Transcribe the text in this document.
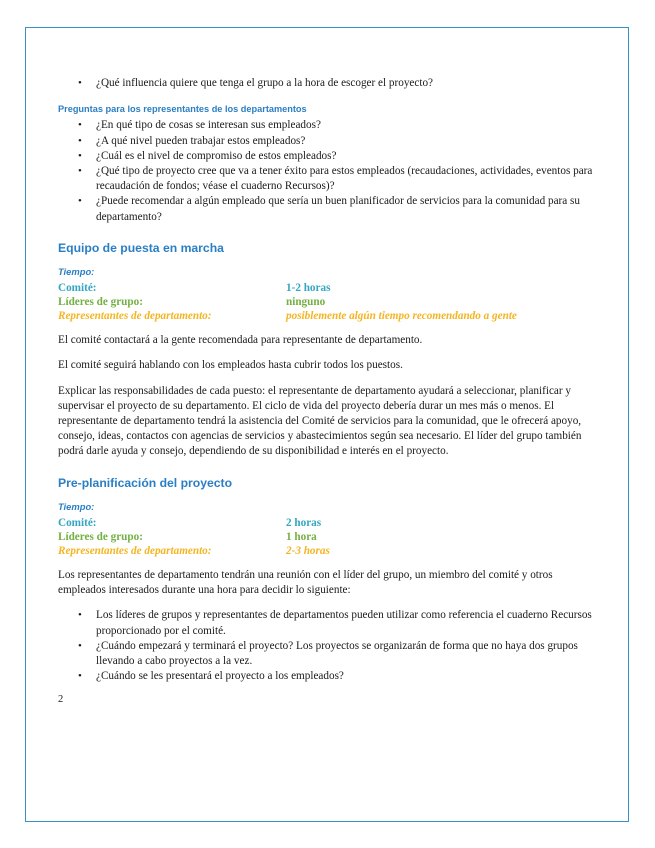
• ¿Qué influencia quiere que tenga el grupo a la hora de escoger el proyecto?
Preguntas para los representantes de los departamentos
• ¿En qué tipo de cosas se interesan sus empleados?
• ¿A qué nivel pueden trabajar estos empleados?
• ¿Cuál es el nivel de compromiso de estos empleados?
• ¿Qué tipo de proyecto cree que va a tener éxito para estos empleados (recaudaciones, actividades, eventos para recaudación de fondos; véase el cuaderno Recursos)?
• ¿Puede recomendar a algún empleado que sería un buen planificador de servicios para la comunidad para su departamento?
Equipo de puesta en marcha
Tiempo:
Comité:	1-2 horas
Líderes de grupo:	ninguno
Representantes de departamento:	posiblemente algún tiempo recomendando a gente

El comité contactará a la gente recomendada para representante de departamento.

El comité seguirá hablando con los empleados hasta cubrir todos los puestos.

Explicar las responsabilidades de cada puesto: el representante de departamento ayudará a seleccionar, planificar y supervisar el proyecto de su departamento. El ciclo de vida del proyecto debería durar un mes más o menos. El representante de departamento tendrá la asistencia del Comité de servicios para la comunidad, que le ofrecerá apoyo, consejo, ideas, contactos con agencias de servicios y abastecimientos según sea necesario. El líder del grupo también podrá darle ayuda y consejo, dependiendo de su disponibilidad e interés en el proyecto.

Pre-planificación del proyecto
Tiempo:
Comité:	2 horas
Líderes de grupo:	1 hora
Representantes de departamento:	2-3 horas

Los representantes de departamento tendrán una reunión con el líder del grupo, un miembro del comité y otros empleados interesados durante una hora para decidir lo siguiente:

• Los líderes de grupos y representantes de departamentos pueden utilizar como referencia el cuaderno Recursos proporcionado por el comité.
• ¿Cuándo empezará y terminará el proyecto? Los proyectos se organizarán de forma que no haya dos grupos llevando a cabo proyectos a la vez.
• ¿Cuándo se les presentará el proyecto a los empleados?
2
